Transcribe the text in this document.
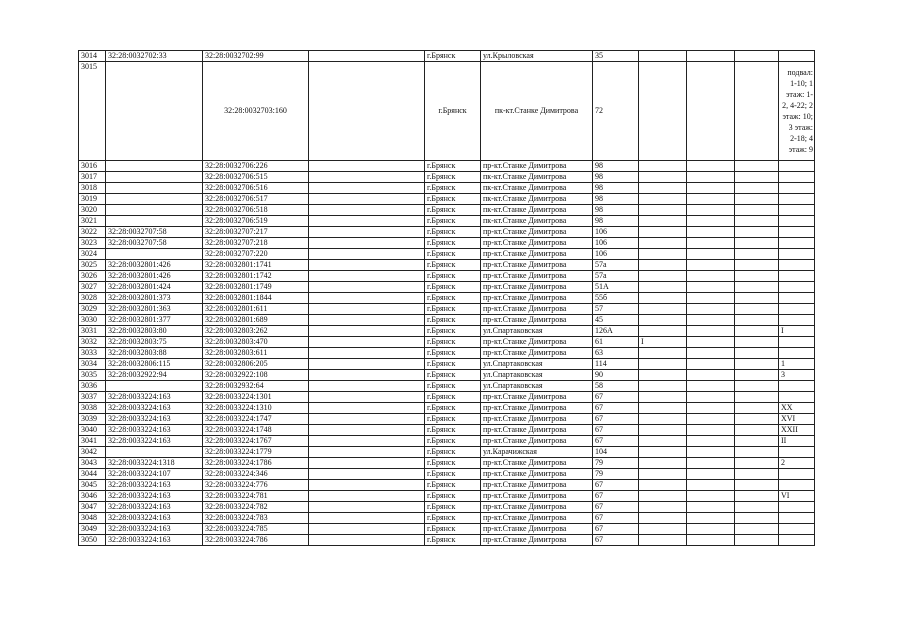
3014	32:28:0032702:33	32:28:0032702:99		г.Брянск	ул.Крыловская	35				
3015		32:28:0032703:160		г.Брянск	пк-кт.Станке Димитрова	72				подвал: 1-10; 1 этаж: 1-2, 4-22; 2 этаж: 10; 3 этаж: 2-18; 4 этаж: 9
3016		32:28:0032706:226		г.Брянск	пр-кт.Станке Димитрова	98				
3017		32:28:0032706:515		г.Брянск	пк-кт.Станке Димитрова	98				
3018		32:28:0032706:516		г.Брянск	пк-кт.Станке Димитрова	98				
3019		32:28:0032706:517		г.Брянск	пк-кт.Станке Димитрова	98				
3020		32:28:0032706:518		г.Брянск	пк-кт.Станке Димитрова	98				
3021		32:28:0032706:519		г.Брянск	пк-кт.Станке Димитрова	98				
3022	32:28:0032707:58	32:28:0032707:217		г.Брянск	пр-кт.Станке Димитрова	106				
3023	32:28:0032707:58	32:28:0032707:218		г.Брянск	пр-кт.Станке Димитрова	106				
3024		32:28:0032707:220		г.Брянск	пр-кт.Станке Димитрова	106				
3025	32:28:0032801:426	32:28:0032801:1741		г.Брянск	пр-кт.Станке Димитрова	57а				
3026	32:28:0032801:426	32:28:0032801:1742		г.Брянск	пр-кт.Станке Димитрова	57а				
3027	32:28:0032801:424	32:28:0032801:1749		г.Брянск	пр-кт.Станке Димитрова	51А				
3028	32:28:0032801:373	32:28:0032801:1844		г.Брянск	пр-кт.Станке Димитрова	55б				
3029	32:28:0032801:363	32:28:0032801:611		г.Брянск	пр-кт.Станке Димитрова	57				
3030	32:28:0032801:377	32:28:0032801:689		г.Брянск	пр-кт.Станке Димитрова	45				
3031	32:28:0032803:80	32:28:0032803:262		г.Брянск	ул.Спартаковская	126А				I
3032	32:28:0032803:75	32:28:0032803:470		г.Брянск	пр-кт.Станке Димитрова	61	I			
3033	32:28:0032803:88	32:28:0032803:611		г.Брянск	пр-кт.Станке Димитрова	63				
3034	32:28:0032806:115	32:28:0032806:205		г.Брянск	ул.Спартаковская	114				1
3035	32:28:0032922:94	32:28:0032922:108		г.Брянск	ул.Спартаковская	90				3
3036		32:28:0032932:64		г.Брянск	ул.Спартаковская	58				
3037	32:28:0033224:163	32:28:0033224:1301		г.Брянск	пр-кт.Станке Димитрова	67				
3038	32:28:0033224:163	32:28:0033224:1310		г.Брянск	пр-кт.Станке Димитрова	67				XX
3039	32:28:0033224:163	32:28:0033224:1747		г.Брянск	пр-кт.Станке Димитрова	67				XVI
3040	32:28:0033224:163	32:28:0033224:1748		г.Брянск	пр-кт.Станке Димитрова	67				XXII
3041	32:28:0033224:163	32:28:0033224:1767		г.Брянск	пр-кт.Станке Димитрова	67				II
3042		32:28:0033224:1779		г.Брянск	ул.Карачижская	104				
3043	32:28:0033224:1318	32:28:0033224:1786		г.Брянск	пр-кт.Станке Димитрова	79				2
3044	32:28:0033224:107	32:28:0033224:346		г.Брянск	пр-кт.Станке Димитрова	79				
3045	32:28:0033224:163	32:28:0033224:776		г.Брянск	пр-кт.Станке Димитрова	67				
3046	32:28:0033224:163	32:28:0033224:781		г.Брянск	пр-кт.Станке Димитрова	67				VI
3047	32:28:0033224:163	32:28:0033224:782		г.Брянск	пр-кт.Станке Димитрова	67				
3048	32:28:0033224:163	32:28:0033224:783		г.Брянск	пр-кт.Станке Димитрова	67				
3049	32:28:0033224:163	32:28:0033224:785		г.Брянск	пр-кт.Станке Димитрова	67				
3050	32:28:0033224:163	32:28:0033224:786		г.Брянск	пр-кт.Станке Димитрова	67				
